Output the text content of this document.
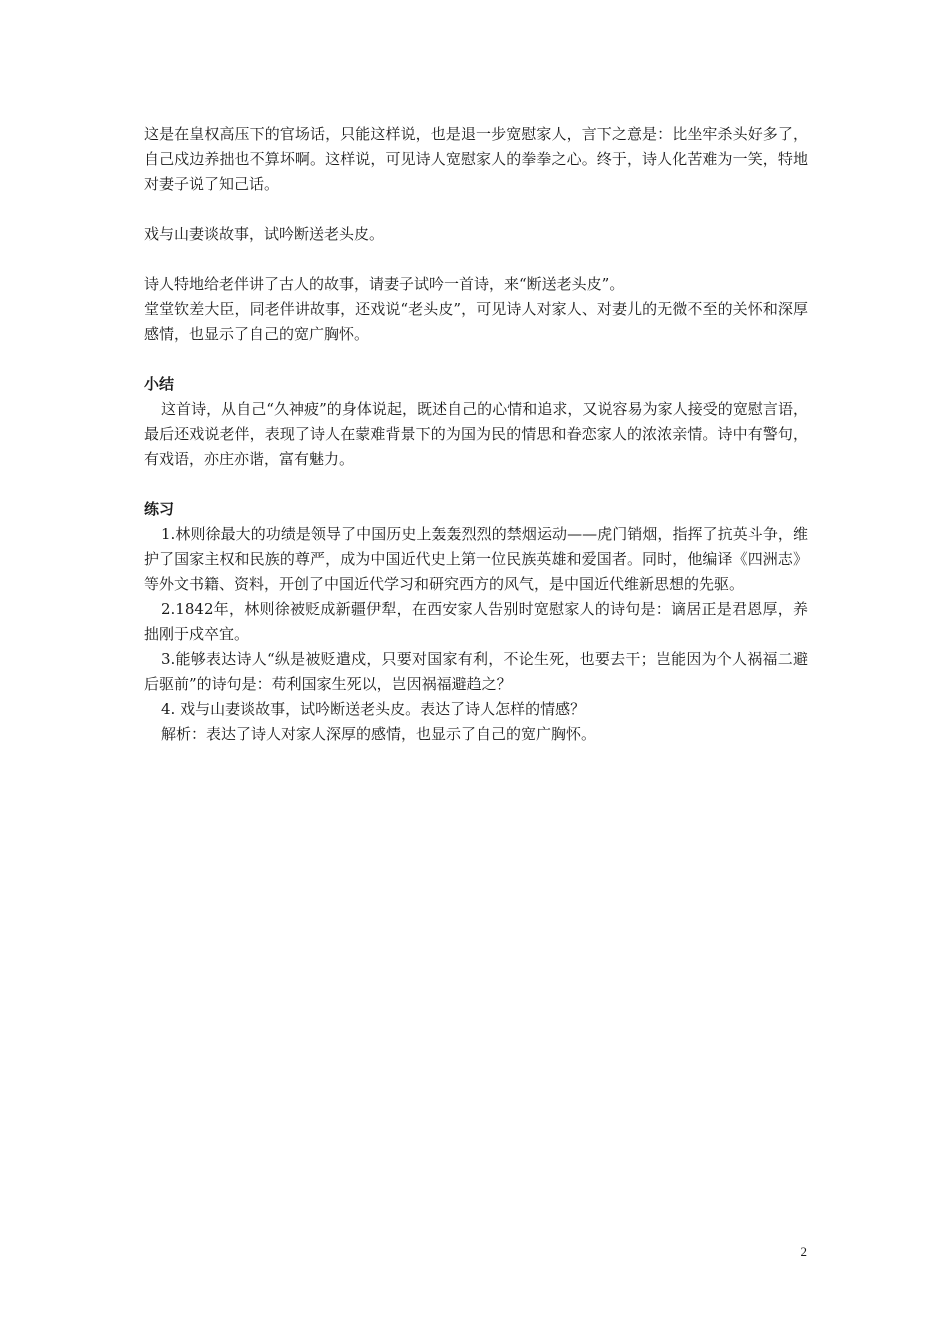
这是在皇权高压下的官场话，只能这样说，也是退一步宽慰家人，言下之意是：比坐牢杀头好多了，自己戍边养拙也不算坏啊。这样说，可见诗人宽慰家人的拳拳之心。终于，诗人化苦难为一笑，特地对妻子说了知己话。

戏与山妻谈故事，试吟断送老头皮。

诗人特地给老伴讲了古人的故事，请妻子试吟一首诗，来“断送老头皮”。

堂堂钦差大臣，同老伴讲故事，还戏说“老头皮”，可见诗人对家人、对妻儿的无微不至的关怀和深厚感情，也显示了自己的宽广胸怀。

小结

这首诗，从自己“久神疲”的身体说起，既述自己的心情和追求，又说容易为家人接受的宽慰言语，最后还戏说老伴，表现了诗人在蒙难背景下的为国为民的情思和眷恋家人的浓浓亲情。诗中有警句，有戏语，亦庄亦谐，富有魅力。

练习

1.林则徐最大的功绩是领导了中国历史上轰轰烈烈的禁烟运动——虎门销烟，指挥了抗英斗争，维护了国家主权和民族的尊严，成为中国近代史上第一位民族英雄和爱国者。同时，他编译《四洲志》等外文书籍、资料，开创了中国近代学习和研究西方的风气，是中国近代维新思想的先驱。

2.1842年，林则徐被贬成新疆伊犁，在西安家人告别时宽慰家人的诗句是：谪居正是君恩厚，养拙刚于戍卒宜。

3.能够表达诗人“纵是被贬遣戍，只要对国家有利，不论生死，也要去干；岂能因为个人祸福二避后驱前”的诗句是：苟利国家生死以，岂因祸福避趋之？

4. 戏与山妻谈故事，试吟断送老头皮。表达了诗人怎样的情感？

解析：表达了诗人对家人深厚的感情，也显示了自己的宽广胸怀。

2
